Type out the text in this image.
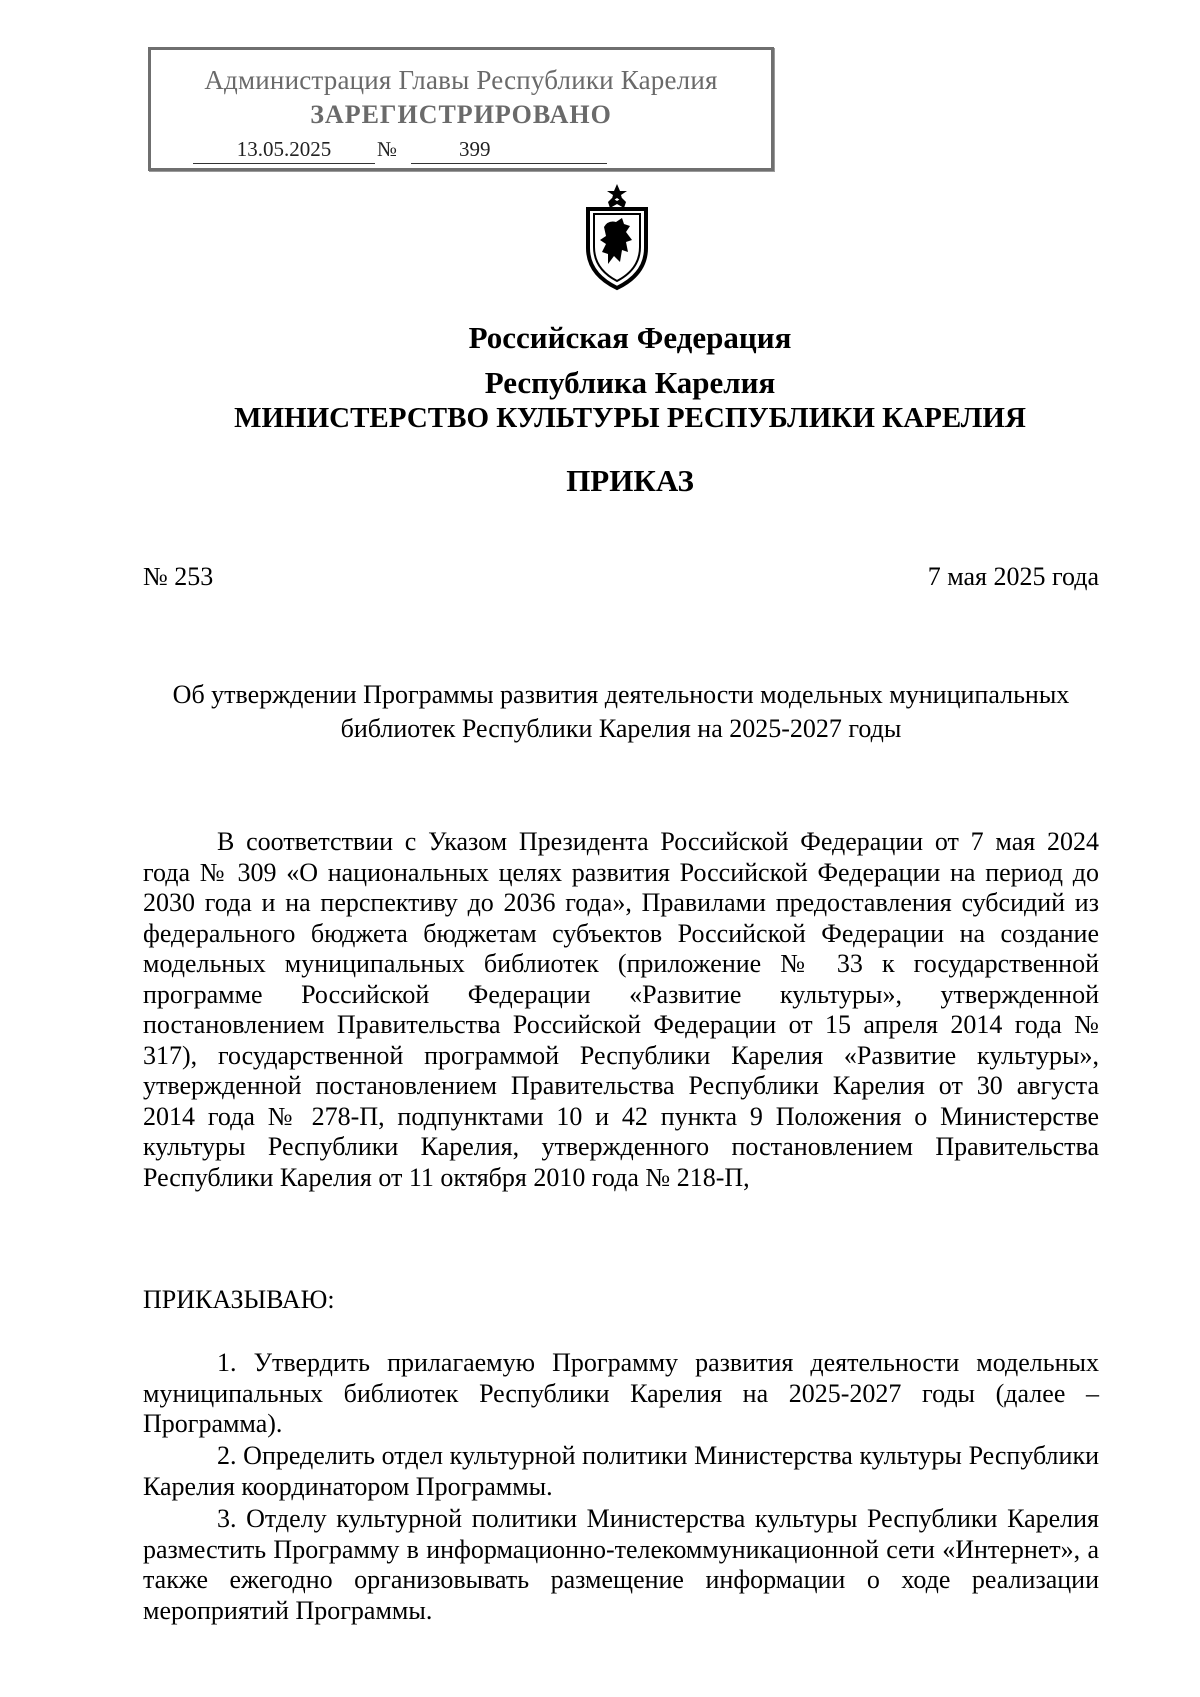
Администрация Главы Республики Карелия
ЗАРЕГИСТРИРОВАНО
13.05.2025	№	399
Российская Федерация
Республика Карелия
МИНИСТЕРСТВО КУЛЬТУРЫ РЕСПУБЛИКИ КАРЕЛИЯ
ПРИКАЗ
№ 253	7 мая 2025 года
Об утверждении Программы развития деятельности модельных муниципальных библиотек Республики Карелия на 2025-2027 годы
В соответствии с Указом Президента Российской Федерации от 7 мая 2024 года № 309 «О национальных целях развития Российской Федерации на период до 2030 года и на перспективу до 2036 года», Правилами предоставления субсидий из федерального бюджета бюджетам субъектов Российской Федерации на создание модельных муниципальных библиотек (приложение № 33 к государственной программе Российской Федерации «Развитие культуры», утвержденной постановлением Правительства Российской Федерации от 15 апреля 2014 года № 317), государственной программой Республики Карелия «Развитие культуры», утвержденной постановлением Правительства Республики Карелия от 30 августа 2014 года № 278-П, подпунктами 10 и 42 пункта 9 Положения о Министерстве культуры Республики Карелия, утвержденного постановлением Правительства Республики Карелия от 11 октября 2010 года № 218-П,
ПРИКАЗЫВАЮ:
1. Утвердить прилагаемую Программу развития деятельности модельных муниципальных библиотек Республики Карелия на 2025-2027 годы (далее – Программа).
2. Определить отдел культурной политики Министерства культуры Республики Карелия координатором Программы.
3. Отделу культурной политики Министерства культуры Республики Карелия разместить Программу в информационно-телекоммуникационной сети «Интернет», а также ежегодно организовывать размещение информации о ходе реализации мероприятий Программы.
